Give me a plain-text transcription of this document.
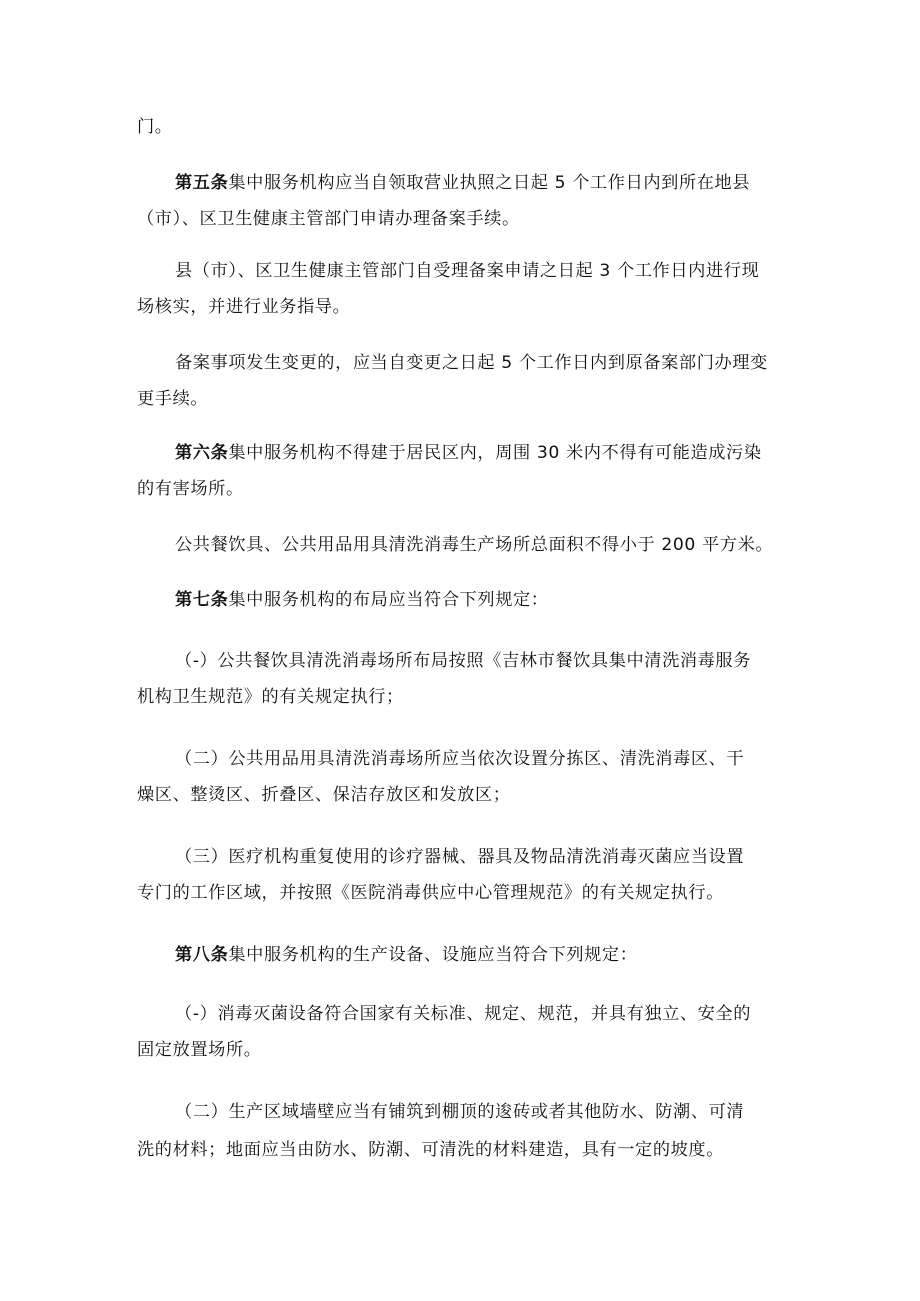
门。
第五条集中服务机构应当自领取营业执照之日起 5 个工作日内到所在地县
（市）、区卫生健康主管部门申请办理备案手续。
县（市）、区卫生健康主管部门自受理备案申请之日起 3 个工作日内进行现
场核实，并进行业务指导。
备案事项发生变更的，应当自变更之日起 5 个工作日内到原备案部门办理变
更手续。
第六条集中服务机构不得建于居民区内，周围 30 米内不得有可能造成污染
的有害场所。
公共餐饮具、公共用品用具清洗消毒生产场所总面积不得小于 200 平方米。
第七条集中服务机构的布局应当符合下列规定：
（-）公共餐饮具清洗消毒场所布局按照《吉林市餐饮具集中清洗消毒服务
机构卫生规范》的有关规定执行；
（二）公共用品用具清洗消毒场所应当依次设置分拣区、清洗消毒区、干
燥区、整烫区、折叠区、保洁存放区和发放区；
（三）医疗机构重复使用的诊疗器械、器具及物品清洗消毒灭菌应当设置
专门的工作区域，并按照《医院消毒供应中心管理规范》的有关规定执行。
第八条集中服务机构的生产设备、设施应当符合下列规定：
（-）消毒灭菌设备符合国家有关标准、规定、规范，并具有独立、安全的
固定放置场所。
（二）生产区域墙壁应当有铺筑到棚顶的逡砖或者其他防水、防潮、可清
洗的材料；地面应当由防水、防潮、可清洗的材料建造，具有一定的坡度。
